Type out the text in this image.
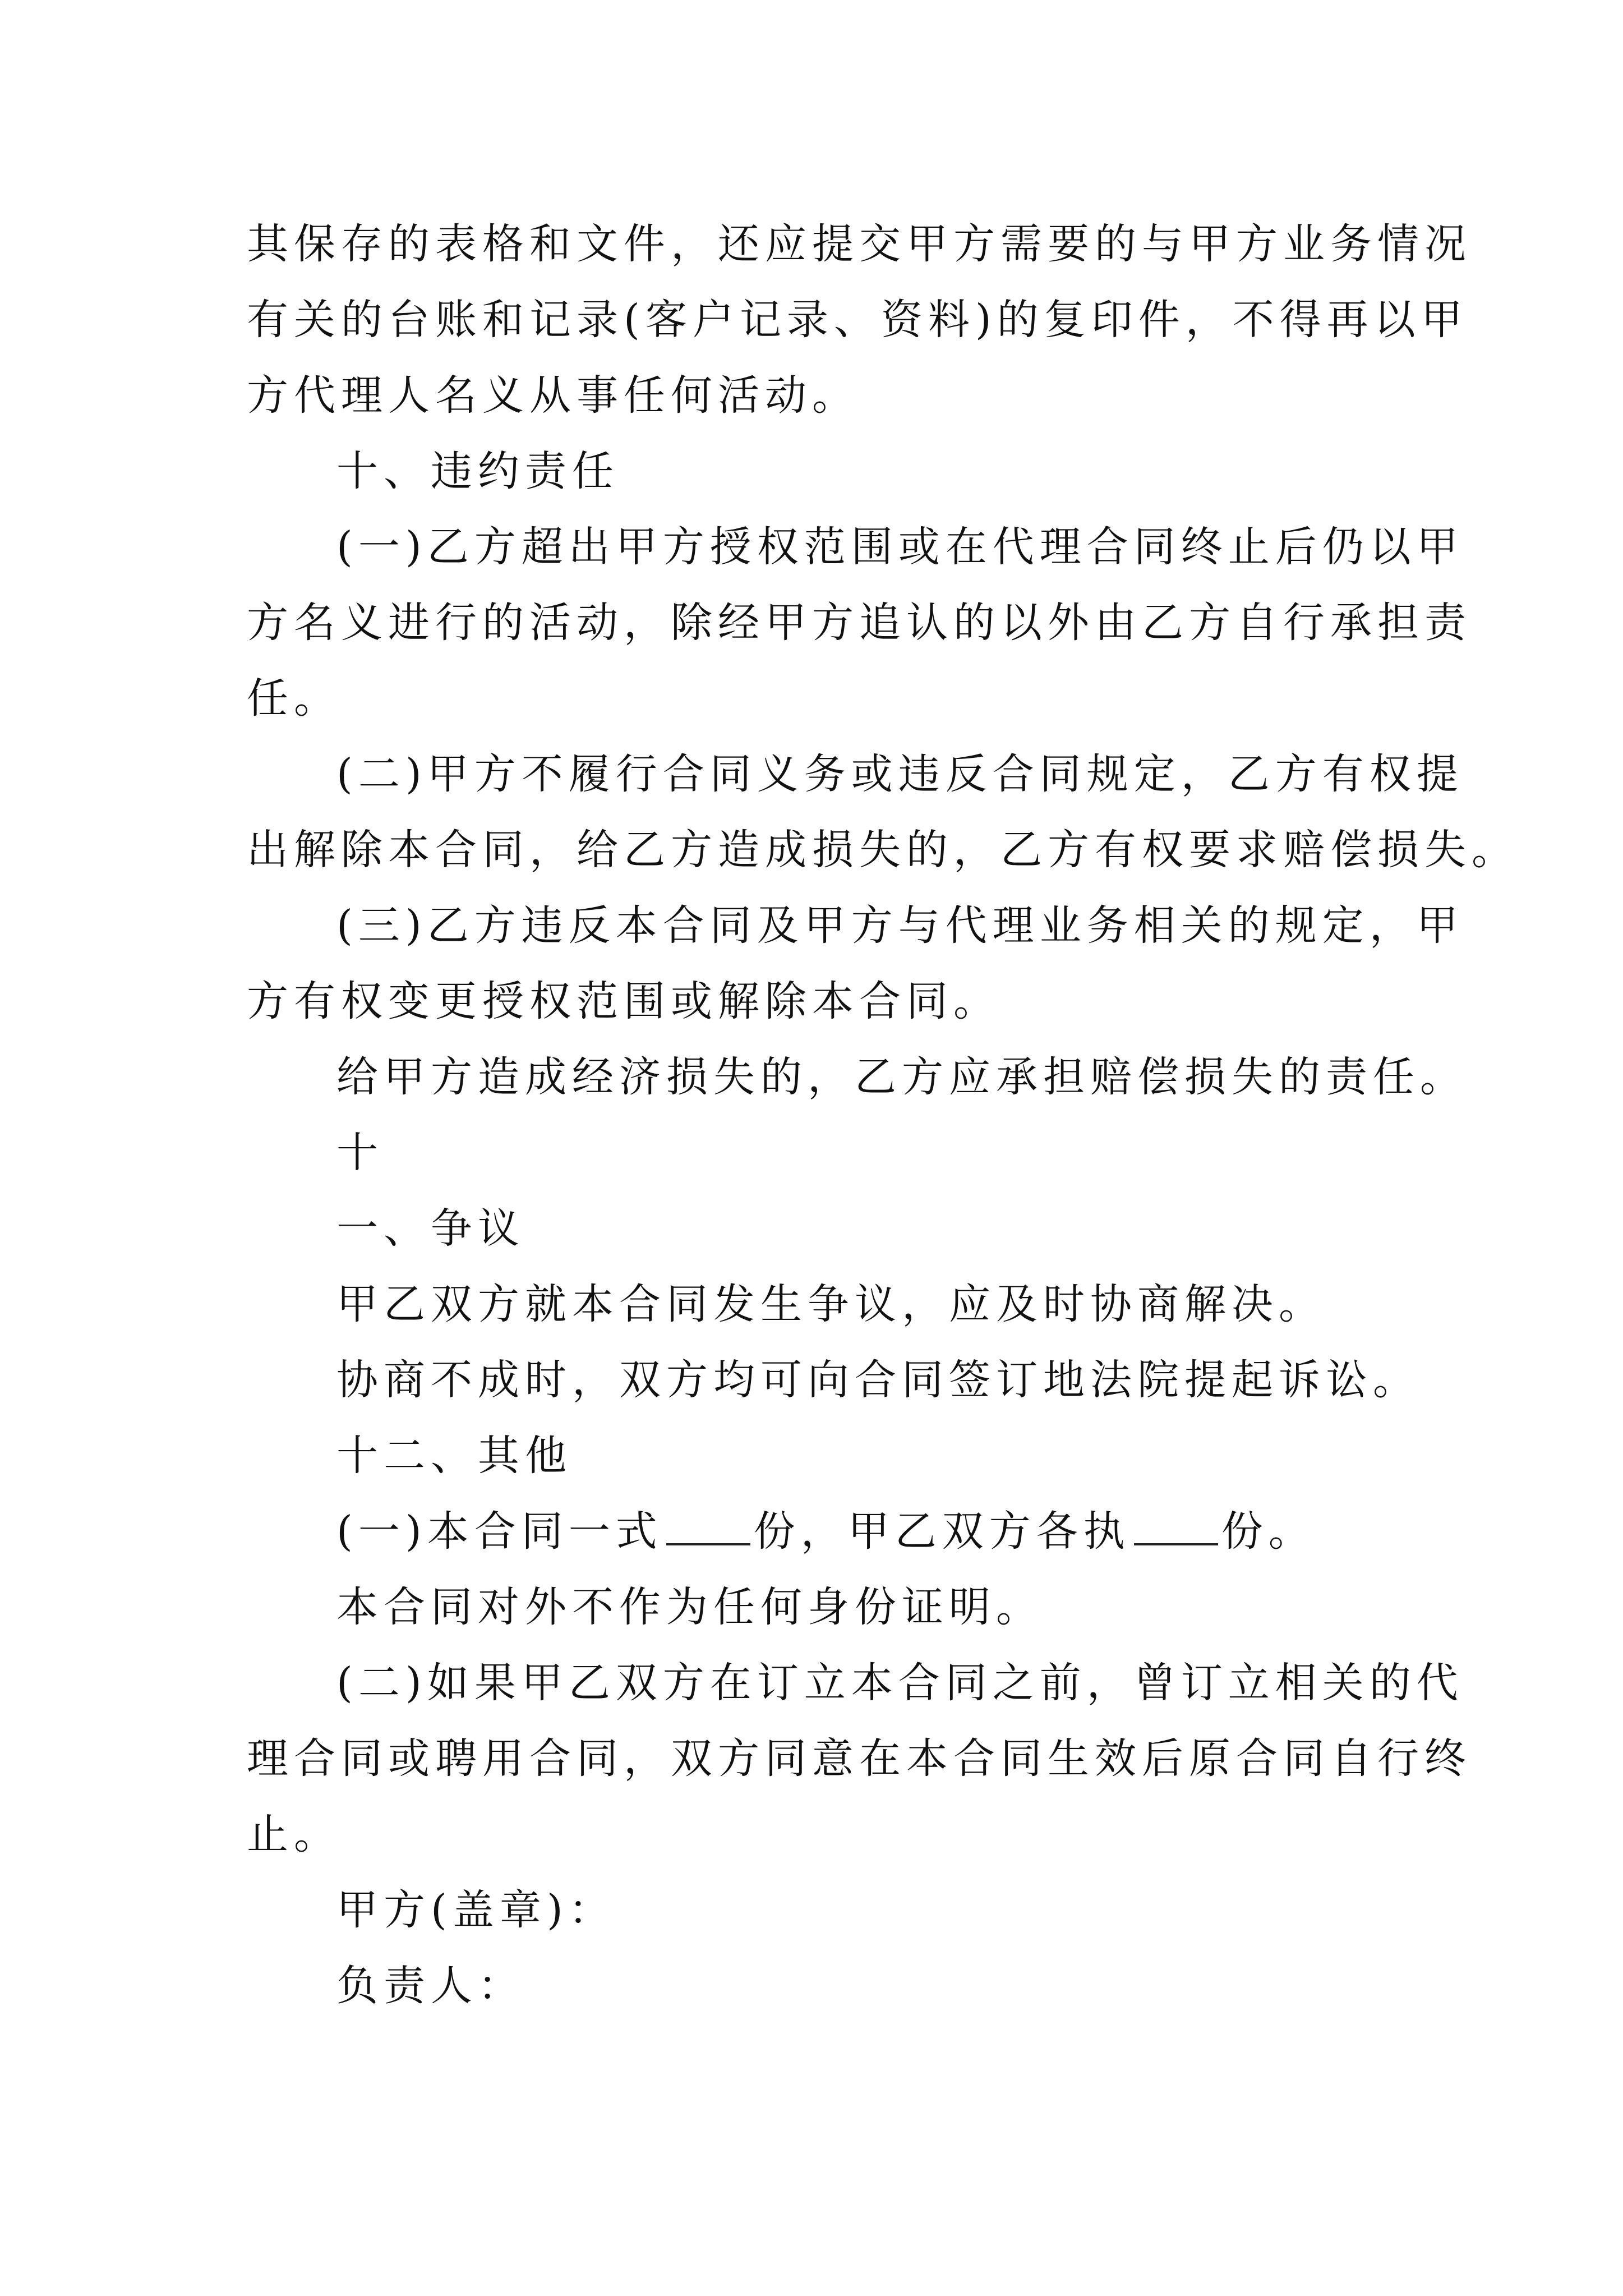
其保存的表格和文件，还应提交甲方需要的与甲方业务情况
有关的台账和记录(客户记录、资料)的复印件，不得再以甲
方代理人名义从事任何活动。
十、违约责任
(一)乙方超出甲方授权范围或在代理合同终止后仍以甲
方名义进行的活动，除经甲方追认的以外由乙方自行承担责
任。
(二)甲方不履行合同义务或违反合同规定，乙方有权提
出解除本合同，给乙方造成损失的，乙方有权要求赔偿损失。
(三)乙方违反本合同及甲方与代理业务相关的规定，甲
方有权变更授权范围或解除本合同。
给甲方造成经济损失的，乙方应承担赔偿损失的责任。
十
一、争议
甲乙双方就本合同发生争议，应及时协商解决。
协商不成时，双方均可向合同签订地法院提起诉讼。
十二、其他
(一)本合同一式 份，甲乙双方各执 份。
本合同对外不作为任何身份证明。
(二)如果甲乙双方在订立本合同之前，曾订立相关的代
理合同或聘用合同，双方同意在本合同生效后原合同自行终
止。
甲方(盖章)：
负责人：
